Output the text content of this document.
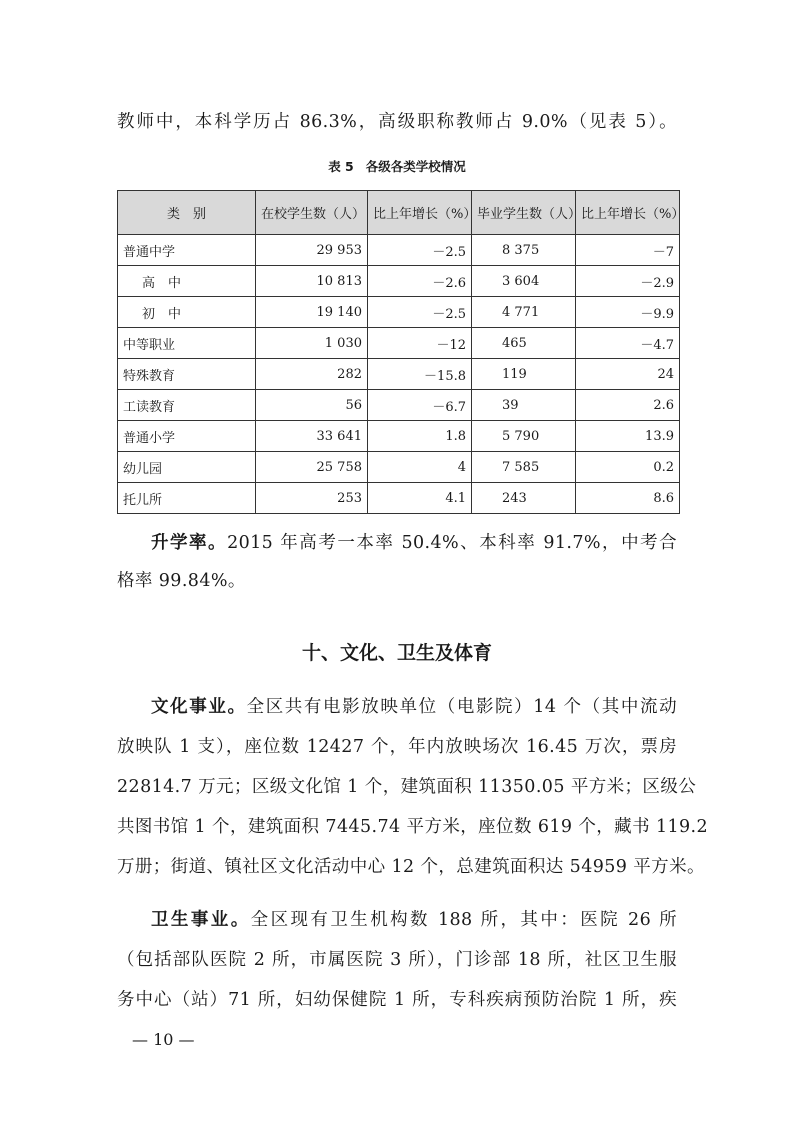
教师中，本科学历占 86.3%，高级职称教师占 9.0%（见表 5）。
表 5 各级各类学校情况
类　别	在校学生数（人）	比上年增长（%）	毕业学生数（人）	比上年增长（%）
普通中学	29 953	－2.5	8 375	－7
高　中	10 813	－2.6	3 604	－2.9
初　中	19 140	－2.5	4 771	－9.9
中等职业	1 030	－12	465	－4.7
特殊教育	282	－15.8	119	24
工读教育	56	－6.7	39	2.6
普通小学	33 641	1.8	5 790	13.9
幼儿园	25 758	4	7 585	0.2
托儿所	253	4.1	243	8.6
升学率。2015 年高考一本率 50.4%、本科率 91.7%，中考合
格率 99.84%。
十、文化、卫生及体育
文化事业。全区共有电影放映单位（电影院）14 个（其中流动
放映队 1 支），座位数 12427 个，年内放映场次 16.45 万次，票房
22814.7 万元；区级文化馆 1 个，建筑面积 11350.05 平方米；区级公
共图书馆 1 个，建筑面积 7445.74 平方米，座位数 619 个，藏书 119.2
万册；街道、镇社区文化活动中心 12 个，总建筑面积达 54959 平方米。
卫生事业。全区现有卫生机构数 188 所，其中：医院 26 所
（包括部队医院 2 所，市属医院 3 所），门诊部 18 所，社区卫生服
务中心（站）71 所，妇幼保健院 1 所，专科疾病预防治院 1 所，疾
— 10 —
